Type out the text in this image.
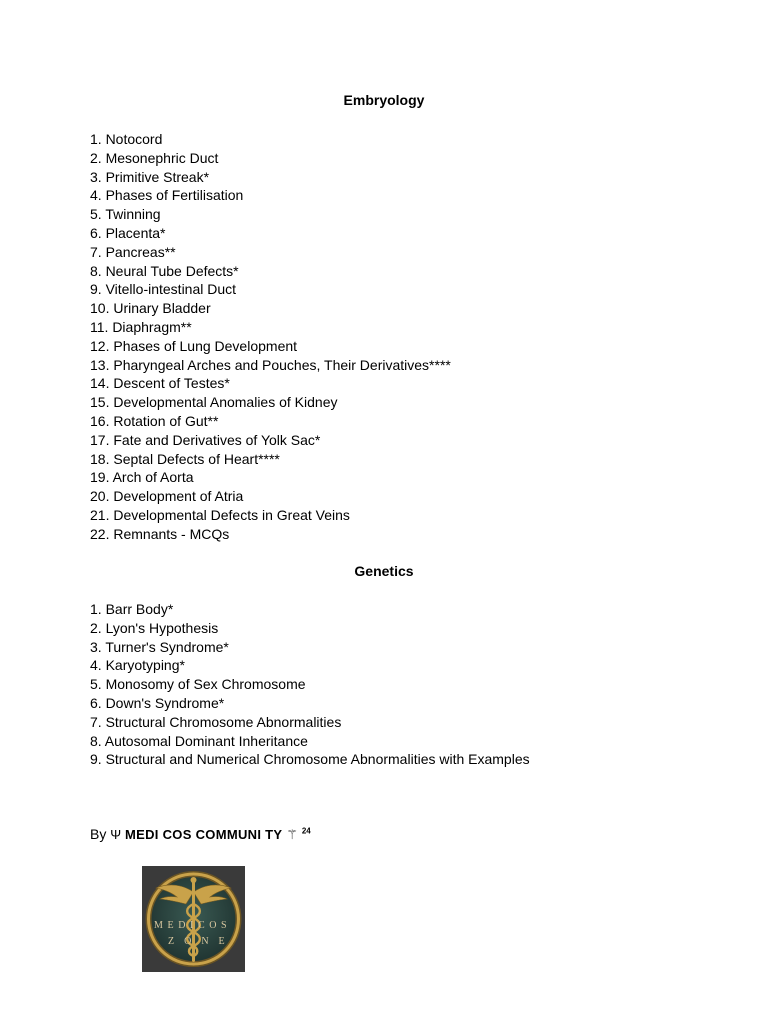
Embryology
1. Notocord
2. Mesonephric Duct
3. Primitive Streak*
4. Phases of Fertilisation
5. Twinning
6. Placenta*
7. Pancreas**
8. Neural Tube Defects*
9. Vitello-intestinal Duct
10. Urinary Bladder
11. Diaphragm**
12. Phases of Lung Development
13. Pharyngeal Arches and Pouches, Their Derivatives****
14. Descent of Testes*
15. Developmental Anomalies of Kidney
16. Rotation of Gut**
17. Fate and Derivatives of Yolk Sac*
18. Septal Defects of Heart****
19. Arch of Aorta
20. Development of Atria
21. Developmental Defects in Great Veins
22. Remnants - MCQs
Genetics
1. Barr Body*
2. Lyon's Hypothesis
3. Turner's Syndrome*
4. Karyotyping*
5. Monosomy of Sex Chromosome
6. Down's Syndrome*
7. Structural Chromosome Abnormalities
8. Autosomal Dominant Inheritance
9. Structural and Numerical Chromosome Abnormalities with Examples
By Ψ MEDI COS COMMUNI TY ⚚ $^{24}$
MEDICOS
ZONE
